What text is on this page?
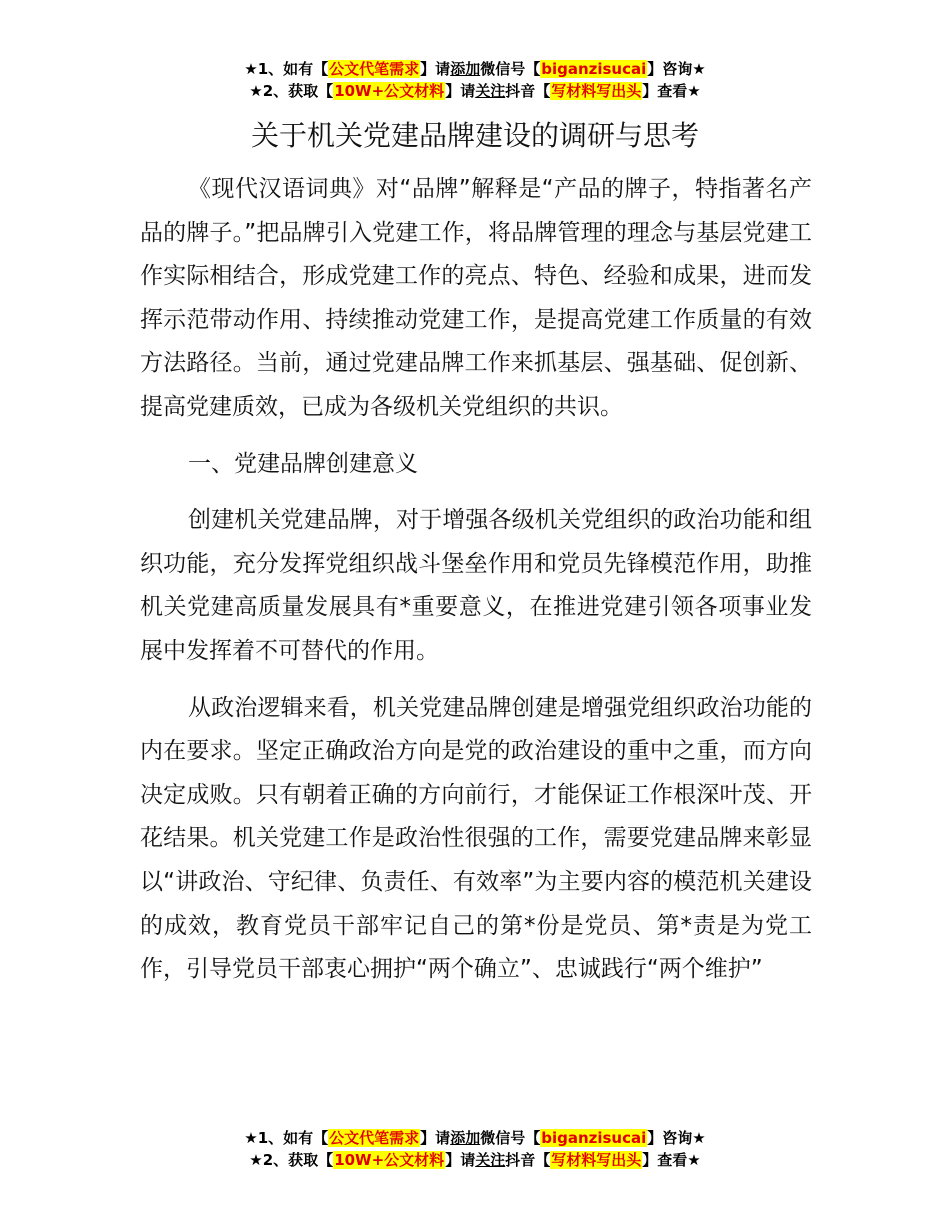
★1、如有【公文代笔需求】请添加微信号【biganzisucai】咨询★
★2、获取【10W+公文材料】请关注抖音【写材料写出头】查看★
关于机关党建品牌建设的调研与思考

《现代汉语词典》对“品牌”解释是“产品的牌子，特指著名产品的牌子。”把品牌引入党建工作，将品牌管理的理念与基层党建工作实际相结合，形成党建工作的亮点、特色、经验和成果，进而发挥示范带动作用、持续推动党建工作，是提高党建工作质量的有效方法路径。当前，通过党建品牌工作来抓基层、强基础、促创新、提高党建质效，已成为各级机关党组织的共识。

一、党建品牌创建意义

创建机关党建品牌，对于增强各级机关党组织的政治功能和组织功能，充分发挥党组织战斗堡垒作用和党员先锋模范作用，助推机关党建高质量发展具有*重要意义，在推进党建引领各项事业发展中发挥着不可替代的作用。

从政治逻辑来看，机关党建品牌创建是增强党组织政治功能的内在要求。坚定正确政治方向是党的政治建设的重中之重，而方向决定成败。只有朝着正确的方向前行，才能保证工作根深叶茂、开花结果。机关党建工作是政治性很强的工作，需要党建品牌来彰显以“讲政治、守纪律、负责任、有效率”为主要内容的模范机关建设的成效，教育党员干部牢记自己的第*份是党员、第*责是为党工作，引导党员干部衷心拥护“两个确立”、忠诚践行“两个维护”

★1、如有【公文代笔需求】请添加微信号【biganzisucai】咨询★
★2、获取【10W+公文材料】请关注抖音【写材料写出头】查看★
